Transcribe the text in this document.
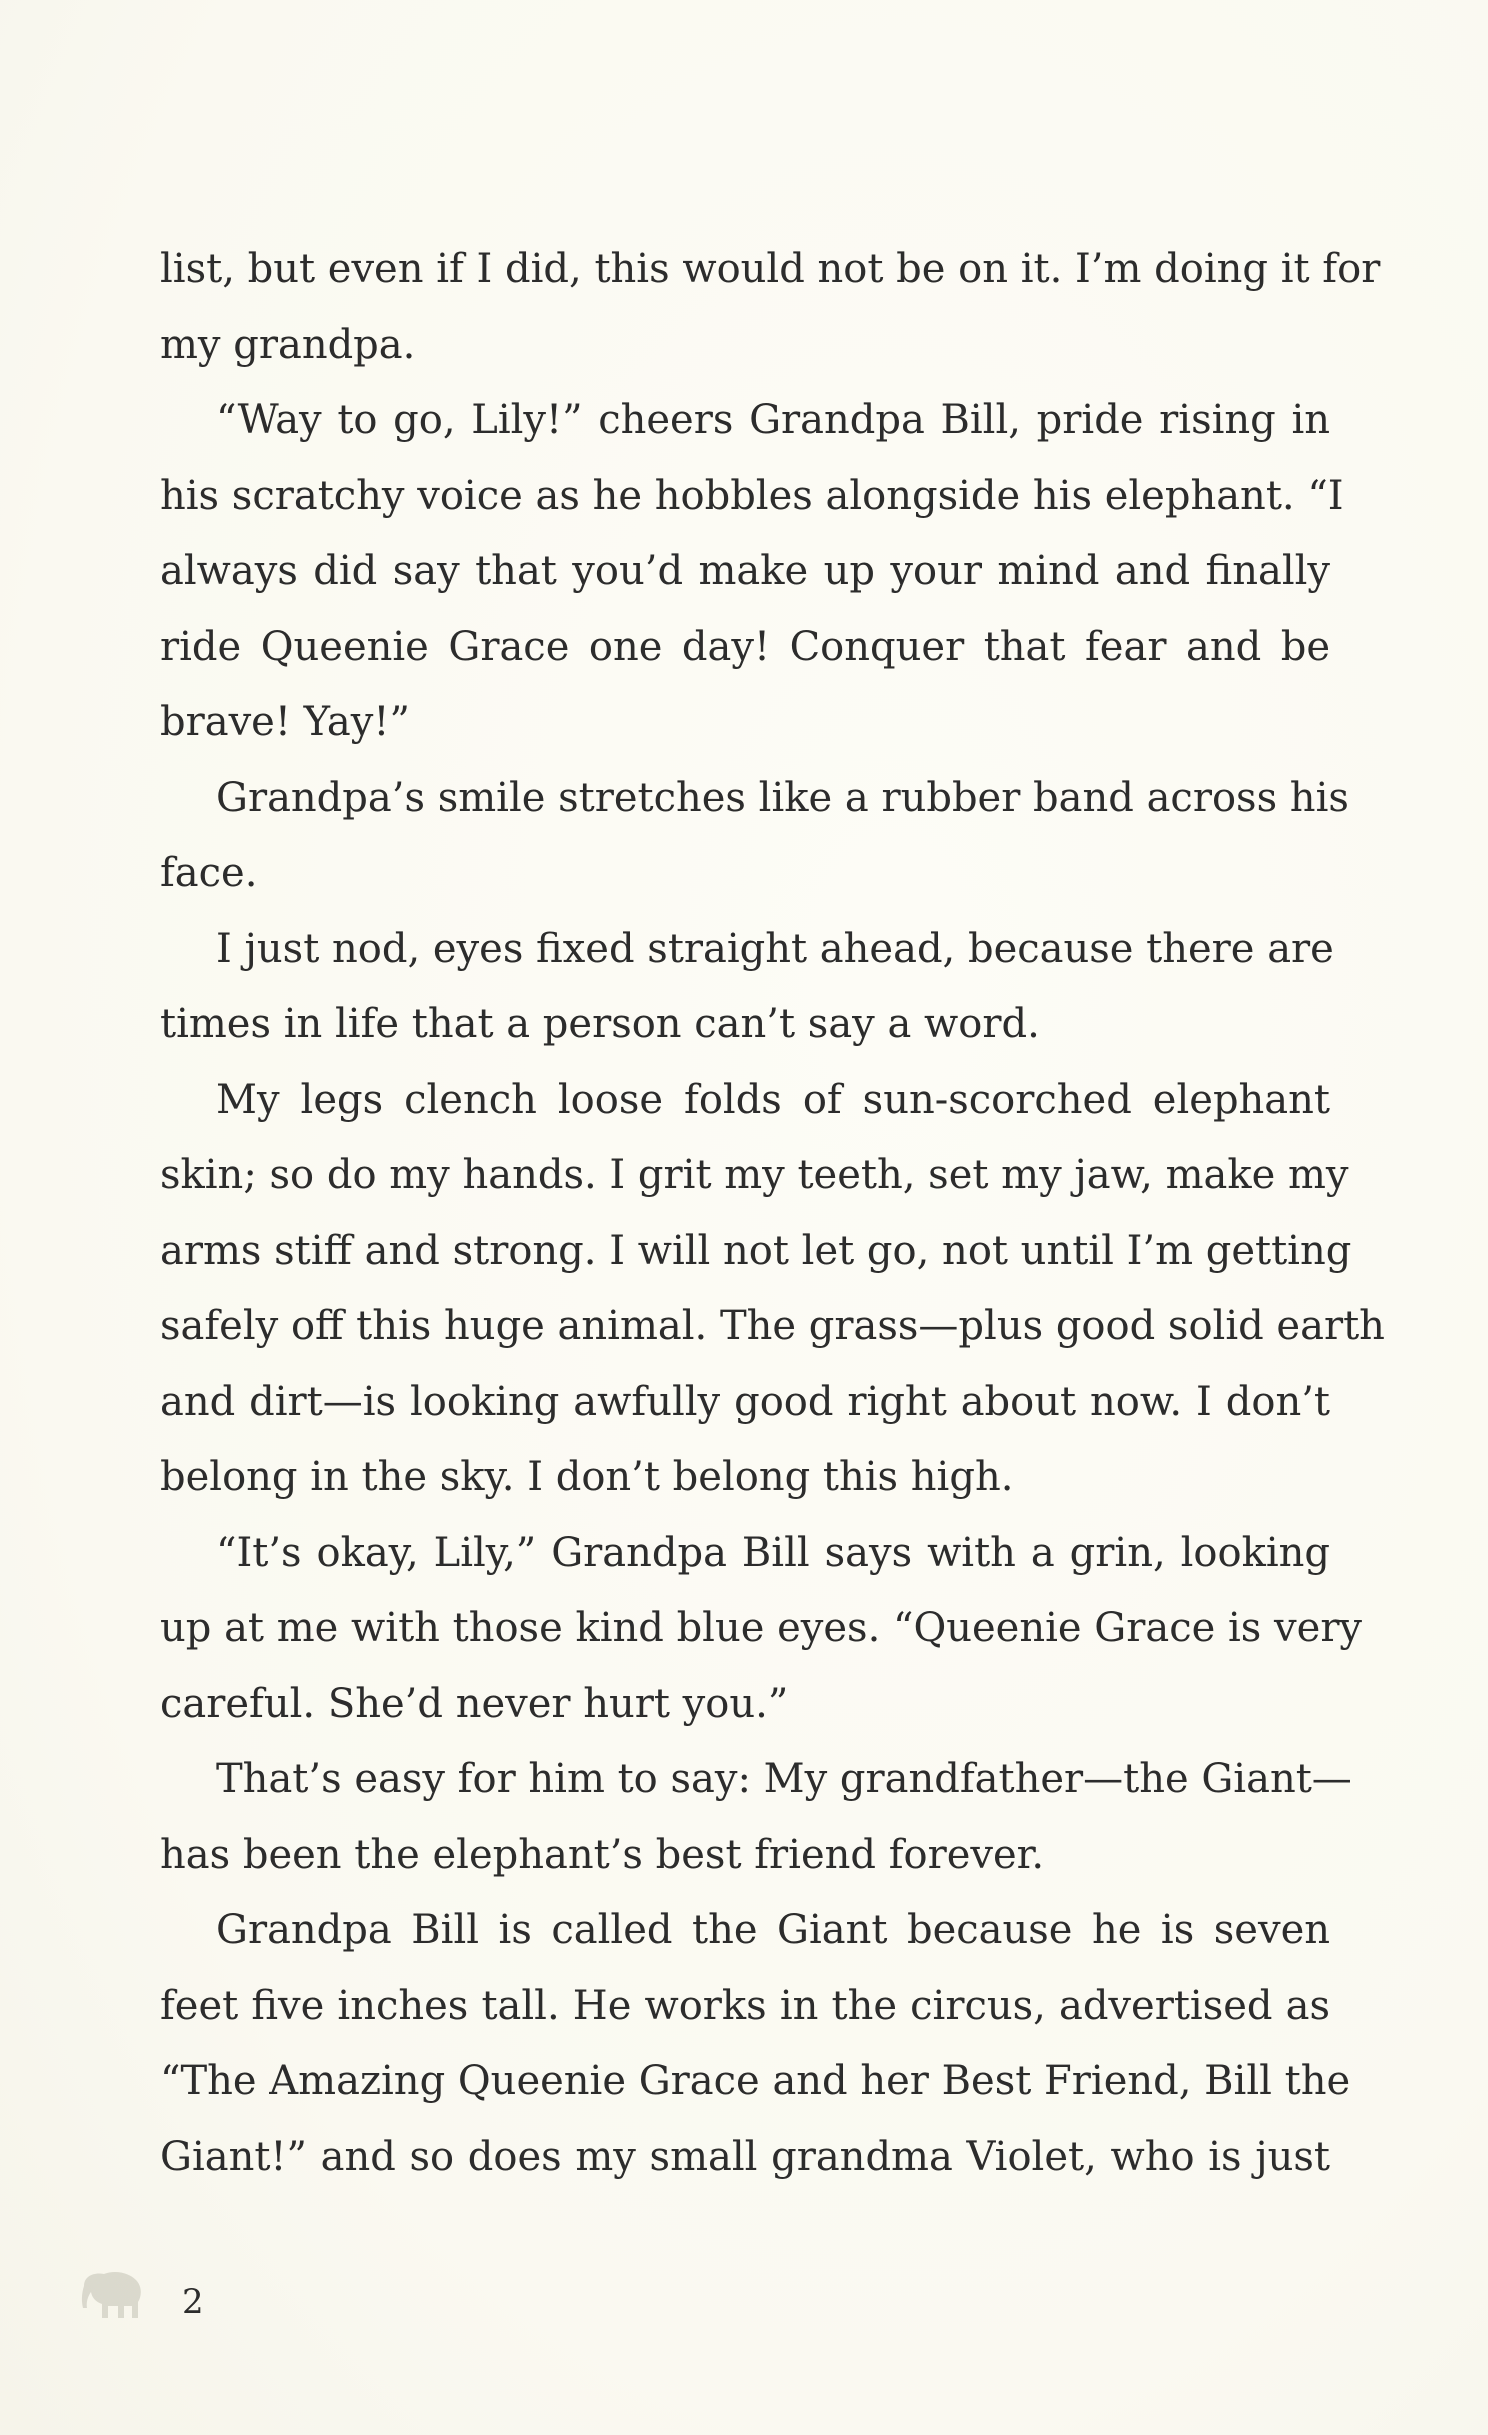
list, but even if I did, this would not be on it. I’m doing it for
my grandpa.
“Way to go, Lily!” cheers Grandpa Bill, pride rising in
his scratchy voice as he hobbles alongside his elephant. “I
always did say that you’d make up your mind and finally
ride Queenie Grace one day! Conquer that fear and be
brave! Yay!”
Grandpa’s smile stretches like a rubber band across his
face.
I just nod, eyes fixed straight ahead, because there are
times in life that a person can’t say a word.
My legs clench loose folds of sun-scorched elephant
skin; so do my hands. I grit my teeth, set my jaw, make my
arms stiff and strong. I will not let go, not until I’m getting
safely off this huge animal. The grass—plus good solid earth
and dirt—is looking awfully good right about now. I don’t
belong in the sky. I don’t belong this high.
“It’s okay, Lily,” Grandpa Bill says with a grin, looking
up at me with those kind blue eyes. “Queenie Grace is very
careful. She’d never hurt you.”
That’s easy for him to say: My grandfather—the Giant—
has been the elephant’s best friend forever.
Grandpa Bill is called the Giant because he is seven
feet five inches tall. He works in the circus, advertised as
“The Amazing Queenie Grace and her Best Friend, Bill the
Giant!” and so does my small grandma Violet, who is just
2
